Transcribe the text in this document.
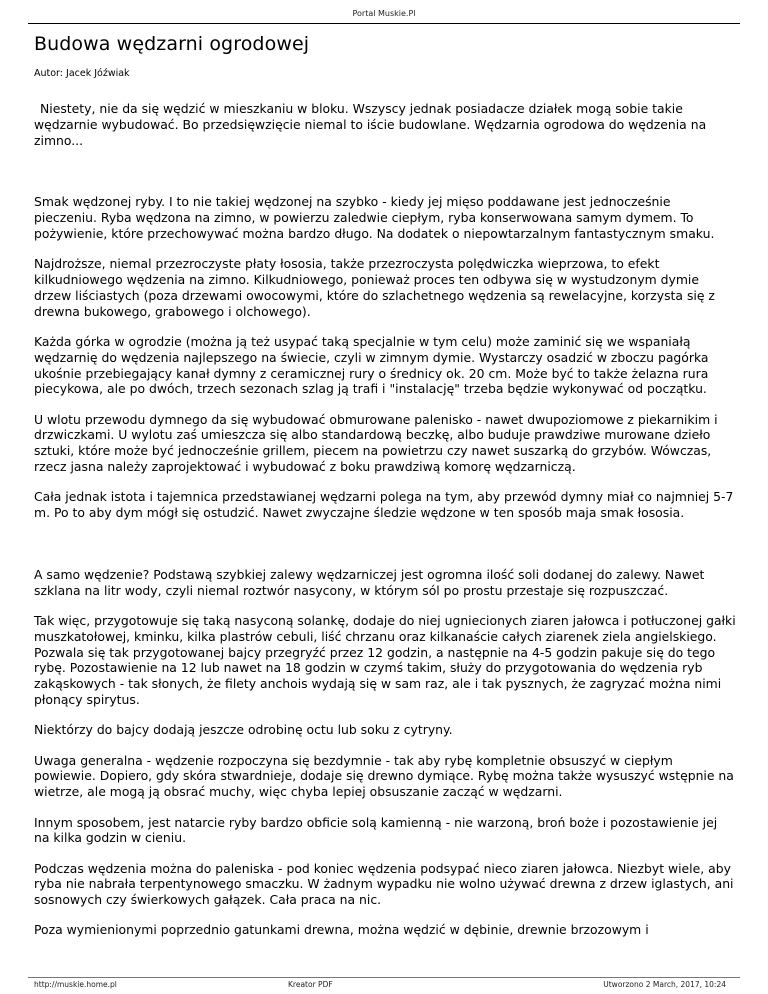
Portal Muskie.Pl
Budowa wędzarni ogrodowej
Autor: Jacek Jóźwiak

Niestety, nie da się wędzić w mieszkaniu w bloku. Wszyscy jednak posiadacze działek mogą sobie takie wędzarnie wybudować. Bo przedsięwzięcie niemal to iście budowlane. Wędzarnia ogrodowa do wędzenia na zimno...

Smak wędzonej ryby. I to nie takiej wędzonej na szybko - kiedy jej mięso poddawane jest jednocześnie pieczeniu. Ryba wędzona na zimno, w powierzu zaledwie ciepłym, ryba konserwowana samym dymem. To pożywienie, które przechowywać można bardzo długo. Na dodatek o niepowtarzalnym fantastycznym smaku.

Najdroższe, niemal przezroczyste płaty łososia, także przezroczysta polędwiczka wieprzowa, to efekt kilkudniowego wędzenia na zimno. Kilkudniowego, ponieważ proces ten odbywa się w wystudzonym dymie drzew liściastych (poza drzewami owocowymi, które do szlachetnego wędzenia są rewelacyjne, korzysta się z drewna bukowego, grabowego i olchowego).

Każda górka w ogrodzie (można ją też usypać taką specjalnie w tym celu) może zaminić się we wspaniałą wędzarnię do wędzenia najlepszego na świecie, czyli w zimnym dymie. Wystarczy osadzić w zboczu pagórka ukośnie przebiegający kanał dymny z ceramicznej rury o średnicy ok. 20 cm. Może być to także żelazna rura piecykowa, ale po dwóch, trzech sezonach szlag ją trafi i "instalację" trzeba będzie wykonywać od początku.

U wlotu przewodu dymnego da się wybudować obmurowane palenisko - nawet dwupoziomowe z piekarnikim i drzwiczkami. U wylotu zaś umieszcza się albo standardową beczkę, albo buduje prawdziwe murowane dzieło sztuki, które może być jednocześnie grillem, piecem na powietrzu czy nawet suszarką do grzybów. Wówczas, rzecz jasna należy zaprojektować i wybudować z boku prawdziwą komorę wędzarniczą.

Cała jednak istota i tajemnica przedstawianej wędzarni polega na tym, aby przewód dymny miał co najmniej 5-7 m. Po to aby dym mógł się ostudzić. Nawet zwyczajne śledzie wędzone w ten sposób maja smak łososia.

A samo wędzenie? Podstawą szybkiej zalewy wędzarniczej jest ogromna ilość soli dodanej do zalewy. Nawet szklana na litr wody, czyli niemal roztwór nasycony, w którym sól po prostu przestaje się rozpuszczać.

Tak więc, przygotowuje się taką nasyconą solankę, dodaje do niej ugniecionych ziaren jałowca i potłuczonej gałki muszkatołowej, kminku, kilka plastrów cebuli, liść chrzanu oraz kilkanaście całych ziarenek ziela angielskiego. Pozwala się tak przygotowanej bajcy przegryźć przez 12 godzin, a następnie na 4-5 godzin pakuje się do tego rybę. Pozostawienie na 12 lub nawet na 18 godzin w czymś takim, służy do przygotowania do wędzenia ryb zakąskowych - tak słonych, że filety anchois wydają się w sam raz, ale i tak pysznych, że zagryzać można nimi płonący spirytus.

Niektórzy do bajcy dodają jeszcze odrobinę octu lub soku z cytryny.

Uwaga generalna - wędzenie rozpoczyna się bezdymnie - tak aby rybę kompletnie obsuszyć w ciepłym powiewie. Dopiero, gdy skóra stwardnieje, dodaje się drewno dymiące. Rybę można także wysuszyć wstępnie na wietrze, ale mogą ją obsrać muchy, więc chyba lepiej obsuszanie zacząć w wędzarni.

Innym sposobem, jest natarcie ryby bardzo obficie solą kamienną - nie warzoną, broń boże i pozostawienie jej na kilka godzin w cieniu.

Podczas wędzenia można do paleniska - pod koniec wędzenia podsypać nieco ziaren jałowca. Niezbyt wiele, aby ryba nie nabrała terpentynowego smaczku. W żadnym wypadku nie wolno używać drewna z drzew iglastych, ani sosnowych czy świerkowych gałązek. Cała praca na nic.

Poza wymienionymi poprzednio gatunkami drewna, można wędzić w dębinie, drewnie brzozowym i

http://muskie.home.pl	Kreator PDF	Utworzono 2 March, 2017, 10:24
